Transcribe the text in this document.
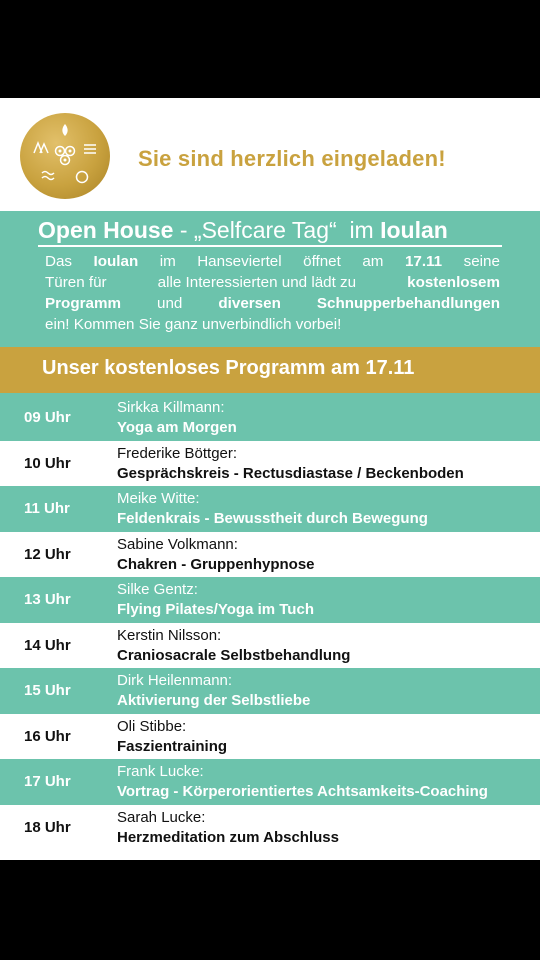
Sie sind herzlich eingeladen!
Open House - „Selfcare Tag“  im Ioulan
Das Ioulan im Hanseviertel öffnet am 17.11 seine
Türen für	alle Interessierten und lädt zu	kostenlosem
Programm und diversen Schnupperbehandlungen
ein! Kommen Sie ganz unverbindlich vorbei!
Unser kostenloses Programm am 17.11
09 Uhr
Sirkka Killmann:
Yoga am Morgen
10 Uhr
Frederike Böttger:
Gesprächskreis - Rectusdiastase / Beckenboden
11 Uhr
Meike Witte:
Feldenkrais - Bewusstheit durch Bewegung
12 Uhr
Sabine Volkmann:
Chakren - Gruppenhypnose
13 Uhr
Silke Gentz:
Flying Pilates/Yoga im Tuch
14 Uhr
Kerstin Nilsson:
Craniosacrale Selbstbehandlung
15 Uhr
Dirk Heilenmann:
Aktivierung der Selbstliebe
16 Uhr
Oli Stibbe:
Faszientraining
17 Uhr
Frank Lucke:
Vortrag - Körperorientiertes Achtsamkeits-Coaching
18 Uhr
Sarah Lucke:
Herzmeditation zum Abschluss
